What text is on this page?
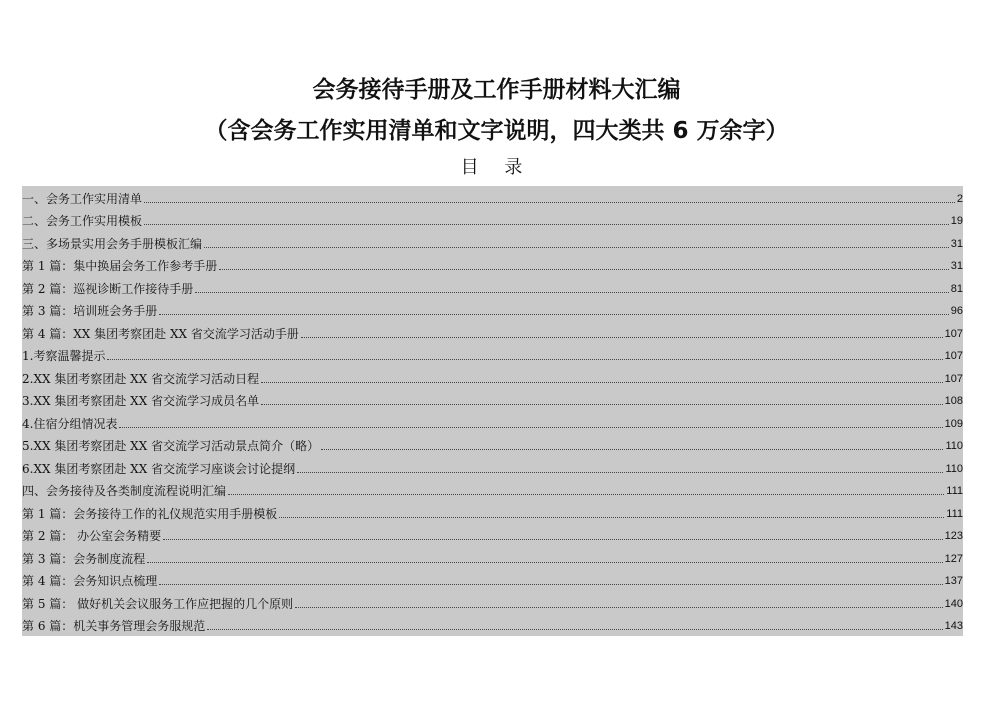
会务接待手册及工作手册材料大汇编
（含会务工作实用清单和文字说明，四大类共 6 万余字）
目 录
一、会务工作实用清单	2
二、会务工作实用模板	19
三、多场景实用会务手册模板汇编	31
第 1 篇：集中换届会务工作参考手册	31
第 2 篇：巡视诊断工作接待手册	81
第 3 篇：培训班会务手册	96
第 4 篇：XX 集团考察团赴 XX 省交流学习活动手册	107
1.考察温馨提示	107
2.XX 集团考察团赴 XX 省交流学习活动日程	107
3.XX 集团考察团赴 XX 省交流学习成员名单	108
4.住宿分组情况表	109
5.XX 集团考察团赴 XX 省交流学习活动景点简介（略）	110
6.XX 集团考察团赴 XX 省交流学习座谈会讨论提纲	110
四、会务接待及各类制度流程说明汇编	111
第 1 篇：会务接待工作的礼仪规范实用手册模板	111
第 2 篇： 办公室会务精要	123
第 3 篇：会务制度流程	127
第 4 篇：会务知识点梳理	137
第 5 篇： 做好机关会议服务工作应把握的几个原则	140
第 6 篇：机关事务管理会务服规范	143
